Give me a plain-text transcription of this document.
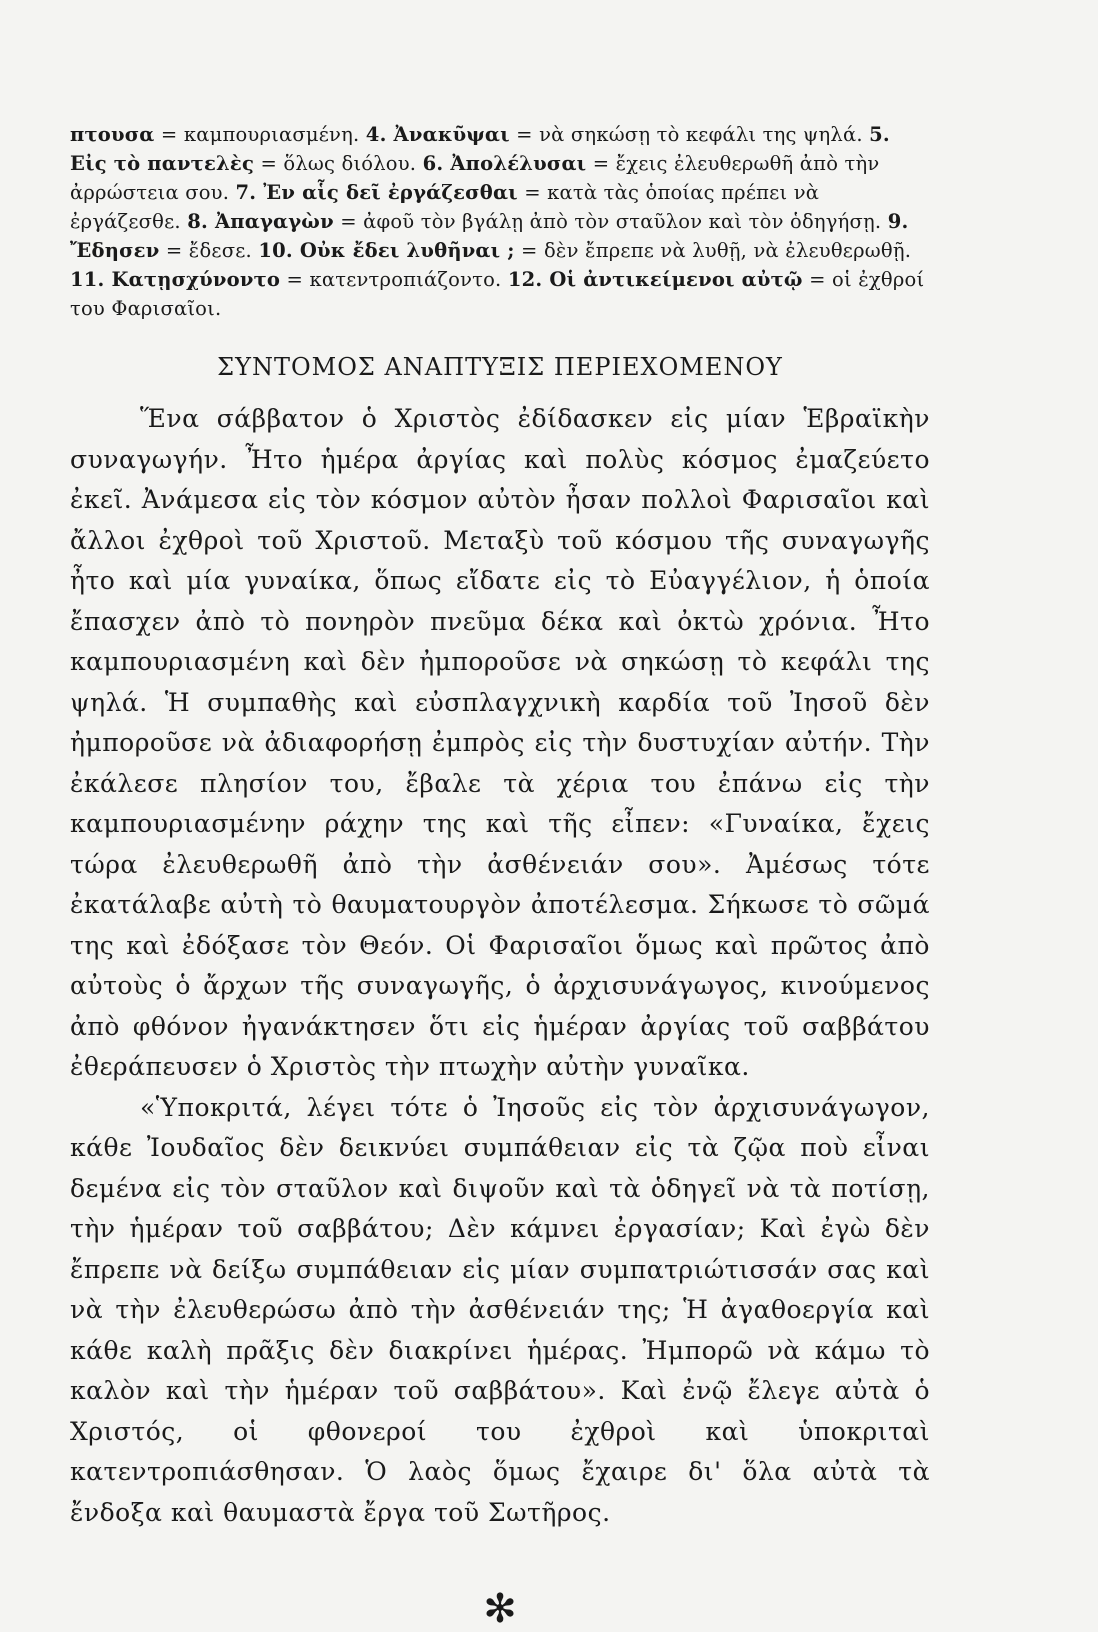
πτουσα = καμπουριασμένη. 4. Ἀνακῦψαι = νὰ σηκώσῃ τὸ κεφάλι της ψηλά. 5. Εἰς τὸ παντελὲς = ὅλως διόλου. 6. Ἀπολέλυσαι = ἔχεις ἐλευθερωθῆ ἀπὸ τὴν ἀρρώστεια σου. 7. Ἐν αἷς δεῖ ἐργάζεσθαι = κατὰ τὰς ὁποίας πρέπει νὰ ἐργάζεσθε. 8. Ἀπαγαγὼν = ἀφοῦ τὸν βγάλῃ ἀπὸ τὸν σταῦλον καὶ τὸν ὁδηγήσῃ. 9. Ἔδησεν = ἔδεσε. 10. Οὐκ ἔδει λυθῆναι ; = δὲν ἔπρεπε νὰ λυθῇ, νὰ ἐλευθερωθῇ. 11. Κατῃσχύνοντο = κατεντροπιάζοντο. 12. Οἱ ἀντικείμενοι αὐτῷ = οἱ ἐχθροί του Φαρισαῖοι.

ΣΥΝΤΟΜΟΣ ΑΝΑΠΤΥΞΙΣ ΠΕΡΙΕΧΟΜΕΝΟΥ

Ἕνα σάββατον ὁ Χριστὸς ἐδίδασκεν εἰς μίαν Ἑβραϊκὴν συναγωγήν. Ἦτο ἡμέρα ἀργίας καὶ πολὺς κόσμος ἐμαζεύετο ἐκεῖ. Ἀνάμεσα εἰς τὸν κόσμον αὐτὸν ἦσαν πολλοὶ Φαρισαῖοι καὶ ἄλλοι ἐχθροὶ τοῦ Χριστοῦ. Μεταξὺ τοῦ κόσμου τῆς συναγωγῆς ἦτο καὶ μία γυναίκα, ὅπως εἴδατε εἰς τὸ Εὐαγγέλιον, ἡ ὁποία ἔπασχεν ἀπὸ τὸ πονηρὸν πνεῦμα δέκα καὶ ὀκτὼ χρόνια. Ἦτο καμπουριασμένη καὶ δὲν ἠμποροῦσε νὰ σηκώσῃ τὸ κεφάλι της ψηλά. Ἡ συμπαθὴς καὶ εὐσπλαγχνικὴ καρδία τοῦ Ἰησοῦ δὲν ἠμποροῦσε νὰ ἀδιαφορήσῃ ἐμπρὸς εἰς τὴν δυστυχίαν αὐτήν. Τὴν ἐκάλεσε πλησίον του, ἔβαλε τὰ χέρια του ἐπάνω εἰς τὴν καμπουριασμένην ράχην της καὶ τῆς εἶπεν: «Γυναίκα, ἔχεις τώρα ἐλευθερωθῆ ἀπὸ τὴν ἀσθένειάν σου». Ἀμέσως τότε ἐκατάλαβε αὐτὴ τὸ θαυματουργὸν ἀποτέλεσμα. Σήκωσε τὸ σῶμά της καὶ ἐδόξασε τὸν Θεόν. Οἱ Φαρισαῖοι ὅμως καὶ πρῶτος ἀπὸ αὐτοὺς ὁ ἄρχων τῆς συναγωγῆς, ὁ ἀρχισυνάγωγος, κινούμενος ἀπὸ φθόνον ἠγανάκτησεν ὅτι εἰς ἡμέραν ἀργίας τοῦ σαββάτου ἐθεράπευσεν ὁ Χριστὸς τὴν πτωχὴν αὐτὴν γυναῖκα.

«Ὑποκριτά, λέγει τότε ὁ Ἰησοῦς εἰς τὸν ἀρχισυνάγωγον, κάθε Ἰουδαῖος δὲν δεικνύει συμπάθειαν εἰς τὰ ζῷα ποὺ εἶναι δεμένα εἰς τὸν σταῦλον καὶ διψοῦν καὶ τὰ ὁδηγεῖ νὰ τὰ ποτίσῃ, τὴν ἡμέραν τοῦ σαββάτου; Δὲν κάμνει ἐργασίαν; Καὶ ἐγὼ δὲν ἔπρεπε νὰ δείξω συμπάθειαν εἰς μίαν συμπατριώτισσάν σας καὶ νὰ τὴν ἐλευθερώσω ἀπὸ τὴν ἀσθένειάν της; Ἡ ἀγαθοεργία καὶ κάθε καλὴ πρᾶξις δὲν διακρίνει ἡμέρας. Ἠμπορῶ νὰ κάμω τὸ καλὸν καὶ τὴν ἡμέραν τοῦ σαββάτου». Καὶ ἐνῷ ἔλεγε αὐτὰ ὁ Χριστός, οἱ φθονεροί του ἐχθροὶ καὶ ὑποκριταὶ κατεντροπιάσθησαν. Ὁ λαὸς ὅμως ἔχαιρε δι' ὅλα αὐτὰ τὰ ἔνδοξα καὶ θαυμαστὰ ἔργα τοῦ Σωτῆρος.

✻
